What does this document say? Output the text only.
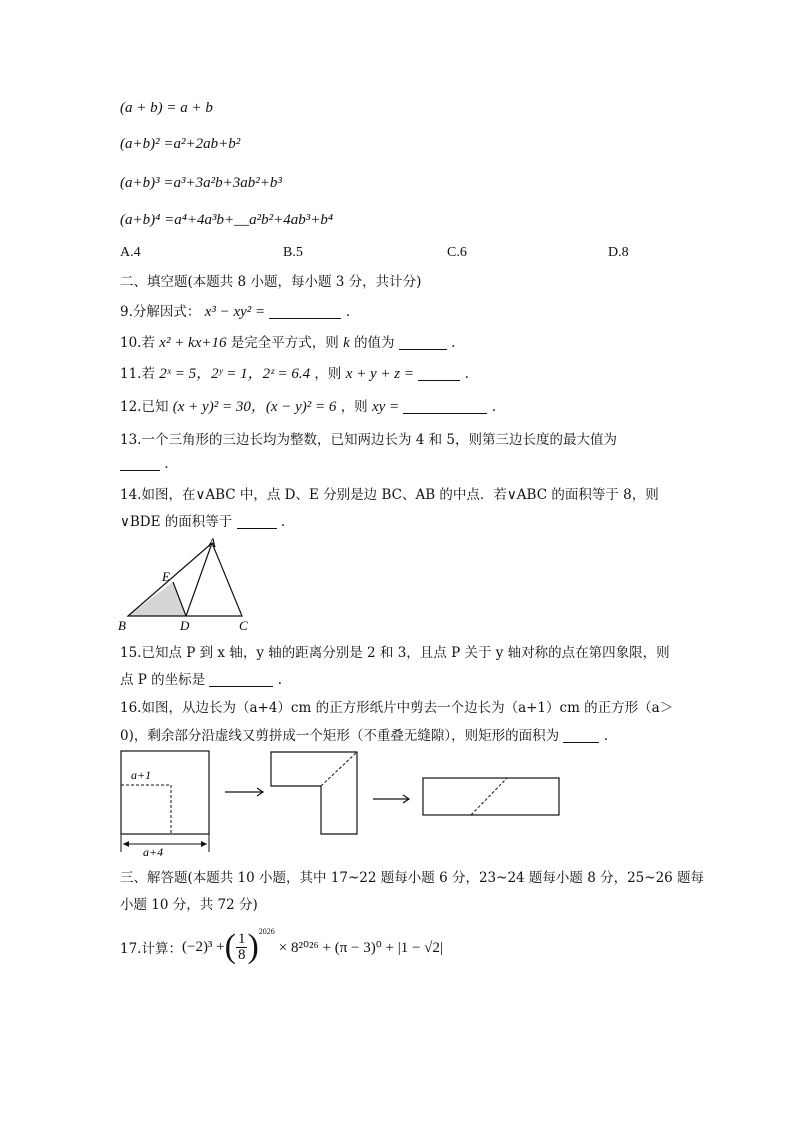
(a + b) = a + b
(a+b)² =a²+2ab+b²
(a+b)³ =a³+3a²b+3ab²+b³
(a+b)⁴ =a⁴+4a³b+__a²b²+4ab³+b⁴
A.4	B.5	C.6	D.8
二、填空题(本题共 8 小题，每小题 3 分，共计分)
9.分解因式： x³ − xy² =	.
10.若 x² + kx+16 是完全平方式，则 k 的值为	.
11.若 2ˣ = 5，2ʸ = 1，2ᶻ = 6.4 ，则 x + y + z =	.
12.已知 (x + y)² = 30，(x − y)² = 6 ，则 xy =	.
13.一个三角形的三边长均为整数，已知两边长为 4 和 5，则第三边长度的最大值为
.
14.如图，在∨ABC 中，点 D、E 分别是边 BC、AB 的中点．若∨ABC 的面积等于 8，则
∨BDE 的面积等于	.
A
B	C
D
E
15.已知点 P 到 x 轴，y 轴的距离分别是 2 和 3，且点 P 关于 y 轴对称的点在第四象限，则
点 P 的坐标是	.
16.如图，从边长为（a+4）cm 的正方形纸片中剪去一个边长为（a+1）cm 的正方形（a＞
0)，剩余部分沿虚线又剪拼成一个矩形（不重叠无缝隙），则矩形的面积为	.
a+1
a+4
三、解答题(本题共 10 小题，其中 17~22 题每小题 6 分，23~24 题每小题 8 分，25~26 题每
小题 10 分，共 72 分)
17.计算： (−2)³ + ( $\frac{1}{8}$ ) 2026
× 8²⁰²⁶ + (π − 3)⁰ + |1 − √2|
